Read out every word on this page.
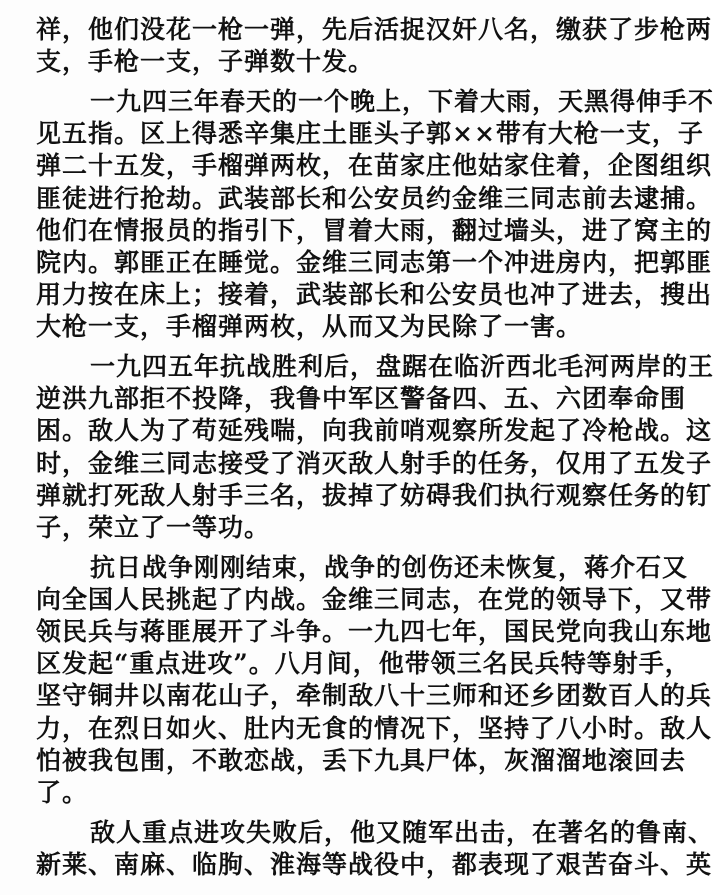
祥，他们没花一枪一弹，先后活捉汉奸八名，缴获了步枪两
支，手枪一支，子弹数十发。
一九四三年春天的一个晚上，下着大雨，天黑得伸手不
见五指。区上得悉辛集庄土匪头子郭××带有大枪一支，子
弹二十五发，手榴弹两枚，在苗家庄他姑家住着，企图组织
匪徒进行抢劫。武装部长和公安员约金维三同志前去逮捕。
他们在情报员的指引下，冒着大雨，翻过墙头，进了窝主的
院内。郭匪正在睡觉。金维三同志第一个冲进房内，把郭匪
用力按在床上；接着，武装部长和公安员也冲了进去，搜出
大枪一支，手榴弹两枚，从而又为民除了一害。
一九四五年抗战胜利后，盘踞在临沂西北毛河两岸的王
逆洪九部拒不投降，我鲁中军区警备四、五、六团奉命围
困。敌人为了苟延残喘，向我前哨观察所发起了冷枪战。这
时，金维三同志接受了消灭敌人射手的任务，仅用了五发子
弹就打死敌人射手三名，拔掉了妨碍我们执行观察任务的钉
子，荣立了一等功。
抗日战争刚刚结束，战争的创伤还未恢复，蒋介石又
向全国人民挑起了内战。金维三同志，在党的领导下，又带
领民兵与蒋匪展开了斗争。一九四七年，国民党向我山东地
区发起“重点进攻”。八月间，他带领三名民兵特等射手，
坚守铜井以南花山子，牵制敌八十三师和还乡团数百人的兵
力，在烈日如火、肚内无食的情况下，坚持了八小时。敌人
怕被我包围，不敢恋战，丢下九具尸体，灰溜溜地滚回去
了。
敌人重点进攻失败后，他又随军出击，在著名的鲁南、
新莱、南麻、临朐、淮海等战役中，都表现了艰苦奋斗、英
